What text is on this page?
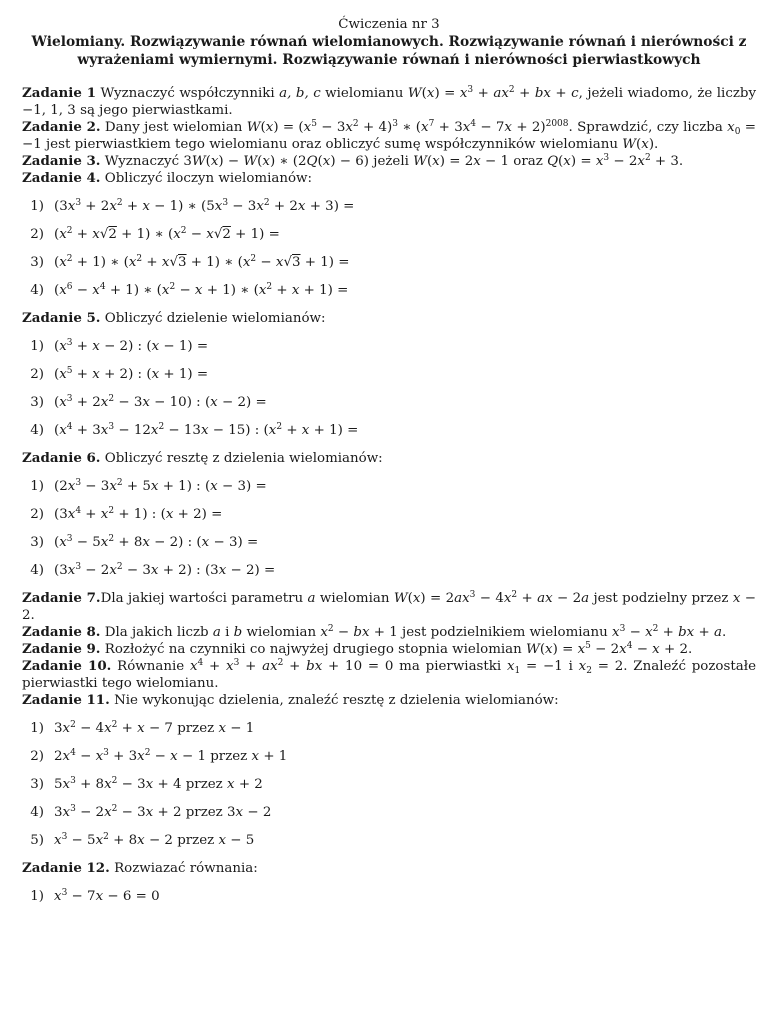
Ćwiczenia nr 3
Wielomiany. Rozwiązywanie równań wielomianowych. Rozwiązywanie równań i nierówności z
wyrażeniami wymiernymi. Rozwiązywanie równań i nierówności pierwiastkowych

Zadanie 1 Wyznaczyć współczynniki a, b, c wielomianu $W(x) = x^3 + ax^2$ + bx + c, jeżeli wiadomo, że liczby −1, 1, 3 są jego pierwiastkami.

Zadanie 2. Dany jest wielomian $W(x) = (x^5 - 3x^2 + 4)^3$ ∗ $(x^7 + 3x^4 - 7x + 2)^{2008}$. Sprawdzić, czy liczba $x_0 = -1$ jest pierwiastkiem tego wielomianu oraz obliczyć sumę współczynników wielomianu W(x).

Zadanie 3. Wyznaczyć 3W(x) − W(x) ∗ (2Q(x) − 6) jeżeli W(x) = 2x − 1 oraz $Q(x) = x^3 - 2x^2 + 3$.

Zadanie 4. Obliczyć iloczyn wielomianów:

1) $(3x^3 + 2x^2 + x - 1)$ ∗ $(5x^3 - 3x^2 + 2x + 3)$ =
2) $(x^2 + x√2 + 1)$ ∗ $(x^2 - x√2 + 1)$ =
3) $(x^2 + 1)$ ∗ $(x^2 + x√3 + 1)$ ∗ $(x^2 - x√3 + 1)$ =
4) $(x^6 - x^4 + 1)$ ∗ $(x^2 - x + 1)$ ∗ $(x^2 + x + 1)$ =

Zadanie 5. Obliczyć dzielenie wielomianów:

1) $(x^3 + x - 2)$ : (x − 1) =
2) $(x^5 + x + 2)$ : (x + 1) =
3) $(x^3 + 2x^2 - 3x - 10)$ : (x − 2) =
4) $(x^4 + 3x^3 - 12x^2 - 13x - 15)$ : $(x^2 + x + 1)$ =

Zadanie 6. Obliczyć resztę z dzielenia wielomianów:

1) $(2x^3 - 3x^2 + 5x + 1)$ : (x − 3) =
2) $(3x^4 + x^2 + 1)$ : (x + 2) =
3) $(x^3 - 5x^2 + 8x - 2)$ : (x − 3) =
4) $(3x^3 - 2x^2 - 3x + 2)$ : (3x − 2) =

Zadanie 7.Dla jakiej wartości parametru a wielomian $W(x) = 2ax^3 - 4x^2$ + ax − 2a jest podzielny przez x − 2.

Zadanie 8. Dla jakich liczb a i b wielomian $x^2$ − bx + 1 jest podzielnikiem wielomianu $x^3 - x^2$ + bx + a.

Zadanie 9. Rozłożyć na czynniki co najwyżej drugiego stopnia wielomian $W(x) = x^5 - 2x^4 - x + 2$.

Zadanie 10. Równanie $x^4 + x^3 + ax^2$ + bx + 10 = 0 ma pierwiastki $x_1 = -1$ i $x_2 = 2$. Znaleźć pozostałe pierwiastki tego wielomianu.

Zadanie 11. Nie wykonując dzielenia, znaleźć resztę z dzielenia wielomianów:

1) $3x^2 - 4x^2 + x - 7$ przez x − 1
2) $2x^4 - x^3 + 3x^2 - x - 1$ przez x + 1
3) $5x^3 + 8x^2 - 3x + 4$ przez x + 2
4) $3x^3 - 2x^2 - 3x + 2$ przez 3x − 2
5) $x^3 - 5x^2 + 8x - 2$ przez x − 5

Zadanie 12. Rozwiazać równania:

1) $x^3 - 7x - 6 = 0$
